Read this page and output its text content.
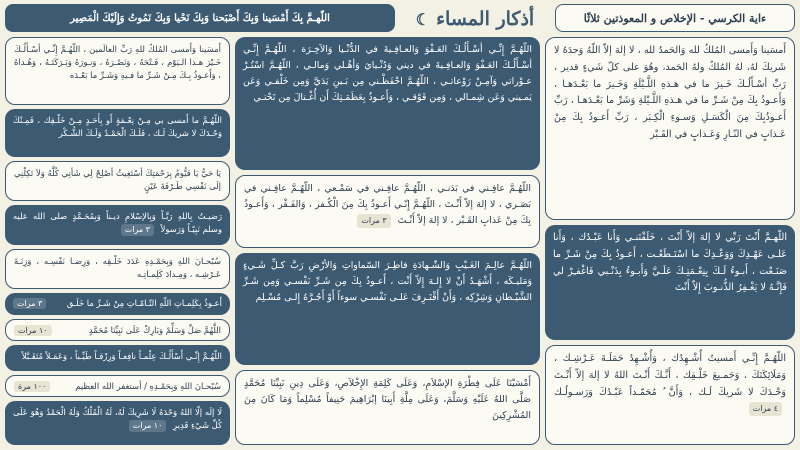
ءاية الكرسي - الإخلاص و المعوذتين ثلاثًا
أذكار المساء
☾
اللّهـمَّ بِكَ أَمْسَينا وَبِكَ أَصْبَحنا وَبِكَ نَحْيا وَبِكَ نَمُوتُ وَإِلَيْكَ الْمَصِير
أَمسَينا وَأَمسى المُلكُ لله وَالحَمدُ لله ، لا إلهَ إلاّ اللّهُ وَحدَهُ لا شَريكَ لهُ، لهُ المُلكُ ولهُ الحَمد، وهُوَ على كلّ شَيءٍ قدير ، رَبِّ أسْـأَلُـكَ خَـيرَ ما في هـذهِ اللَّـيْلَةِ وَخَـيرَ ما بَعْـدَهـا ، وَأَعـوذُ بِكَ مِنْ شَـرِّ ما في هـذهِ اللَّـيْلةِ وَشَرِّ ما بَعْـدَهـا ، رَبِّ أَعـوذُبِكَ مِنَ الْكَسَـلِ وَسـوءِ الْكِـبَر ، رَبِّ أَعـوذُ بِكَ مِنْ عَـذابٍ في النّـارِ وَعَـذابٍ في القَـبْر
اللّهـمَّ أَنْتَ رَبِّي لا إلهَ إلاّ أَنْتَ ، خَلَقْتَنـي وَأَنا عَبْـدُك ، وَأَنا عَلـى عَهْـدِكَ وَوَعْـدِكَ ما اسْتَـطَعْـت ، أَعـوذُ بِكَ مِنْ شَـرِّ ما صَنَـعْت ، أَبـوءُ لَـكَ بِنِعْـمَتِـكَ عَلَـيَّ وَأَبـوءُ بِذَنْـبي فَاغْفـِرْ لي فَإِنَّـهُ لا يَغْـفِرُ الذُّنـوبَ إِلاّ أَنْتَ
اللّهُـمَّ إِنِّـي أَمسيتُ أُشْـهِدُك ، وَأُشْـهِدُ حَمَلَـةَ عَـرْشِـك ، وَمَلَائِكَتَكَ ، وَجَمـيعَ خَلْـقِك ، أَنَّـكَ أَنْـتَ اللهُ لا إلهَ إلاّ أَنْـتَ وَحْـدَكَ لا شَريكَ لَـك ، وَأَنَّ ُ مُحَمّـداً عَبْـدُكَ وَرَسـولُـك ٤ مرات
اللّهُـمَّ إِنِّـي أسْـأَلُـكَ العَـفْوَ وَالعـافِـيةَ في الدُّنْـيا وَالآخِـرَة ، اللّهُـمَّ إِنِّـي أسْـأَلُـكَ العَـفْوَ وَالعـافِـيةَ في ديني وَدُنْـيايَ وَأهْـلي وَمالـي ، اللّهُـمَّ اسْتُـرْ عـوْراتي وَآمِـنْ رَوْعاتـي ، اللّهُـمَّ احْفَظْـني مِن بَـينِ يَدَيَّ وَمِن خَلْفـي وَعَن يَمـيني وَعَن شِمـالي ، وَمِن فَوْقـي ، وَأَعـوذُ بِعَظَمَـتِكَ أَن أُغْـتالَ مِن تَحْتـي
اللّهُـمَّ عافِـني في بَدَنـي ، اللّهُـمَّ عافِـني في سَمْـعي ، اللّهُـمَّ عافِـني في بَصَـري ، لا إلهَ إلاّ أَنْـتَ ، اللّهُـمَّ إِنّـي أَعـوذُ بِكَ مِنَ الْكُـفر ، وَالفَـقْر ، وَأَعـوذُ بِكَ مِنْ عَذابِ القَـبْر ، لا إلهَ إلاّ أَنْـتَ ٣ مرات
اللّهُـمَّ عالِـمَ الغَـيْبِ وَالشّـهادَةِ فاطِـرَ السّماواتِ وَالأرْضِ رَبَّ كـلِّ شَـيءٍ وَمَليـكَه ، أَشْهَـدُ أَنْ لا إِلـهَ إِلاّ أَنْت ، أَعـوذُ بِكَ مِن شَـرِّ نَفْسـي وَمِن شَـرِّ الشَّيْـطانِ وَشِرْكِه ، وَأَنْ أَقْتَـرِفَ عَلـى نَفْسـي سوءاً أَوْ أَجُـرَّهُ إِلـى مُسْـلِم
أَمْسَيْنَا عَلَى فِطْرَةِ الإسْلاَمِ، وَعَلَى كَلِمَةِ الإِخْلاَصِ، وَعَلَى دِينِ نَبِيِّنَا مُحَمَّدٍ صَلَّى اللهُ عَلَيْهِ وَسَلَّمَ، وَعَلَى مِلَّةِ أَبِينَا إبْرَاهِيمَ حَنِيفاً مُسْلِماً وَمَا كَانَ مِنَ المُشْرِكِينَ
أَمسَينا وَأَمسى المُلكُ للهِ رَبِّ العالَمين ، اللّهُـمَّ إِنِّـي أسْـأَلُـكَ خَـيْرَ هـذا الـيَوْم ، فَـتْحَهُ ، وَنَصْـرَهُ ، وَنـورَهُ وَبَـرَكَتَـهُ ، وَهُـداهُ ، وَأَعـوذُ بِـكَ مِـنْ شَـرِّ ما فـيهِ وَشَـرِّ ما بَعْـدَه
اللّهُـمَّ ما أَمسى بي مِـنْ نِعْـمَةٍ أَو بِأَحَـدٍ مِـنْ خَلْـقِك ، فَمِـنْكَ وَحْـدَكَ لا شريكَ لَـك ، فَلَـكَ الْحَمْـدُ وَلَـكَ الشُّـكْر
يَا حَيُّ يَا قيُّومُ بِرَحْمَتِكَ أسْتَغِيثُ أصْلِحْ لِي شَأنِي كُلَّهُ وَلاَ تَكِلْنِي إلَى نَفْسِي طَـرْفَةَ عَيْنٍ
رَضيـتُ بِاللهِ رَبَّـاً وَبِالإسْلامِ ديـناً وَبِمُحَـمَّدٍ صلى الله عليه وسلم نَبِيّـاً وَرَسولاً ٣ مرات
سُبْحـانَ اللهِ وَبِحَمْـدِهِ عَدَدَ خَلْـقِه ، وَرِضـا نَفْسِـه ، وَزِنَـةَ عَـرْشِـه ، وَمِـدادَ كَلِمـاتِـه
أَعـوذُ بِكَلِمـاتِ اللّهِ التّـامّـاتِ مِنْ شَـرِّ ما خَلَـق
٣ مرات
اللَّهُمَّ صَلِّ وَسَلِّمْ وَبَارِكْ عَلَى نَبِيِّنَا مُحَمَّدٍ
١٠ مرات
اللّهُـمَّ إِنِّـي أَسْأَلُـكَ عِلْمـاً نافِعـاً وَرِزْقـاً طَيِّـباً ، وَعَمَـلاً مُتَقَـبَّلاً
سُبْحـانَ اللهِ وَبِحَمْـدِهِ / أستغفر الله العظيم
١٠٠ مرة
لَا إلَه إلّا اللهُ وَحْدَهُ لَا شَرِيكَ لَهُ، لَهُ الْمُلْكُ وَلَهُ الْحَمْدُ وَهُوَ عَلَى كُلِّ شَيْءِ قَدِيرِ ١٠ مرات
